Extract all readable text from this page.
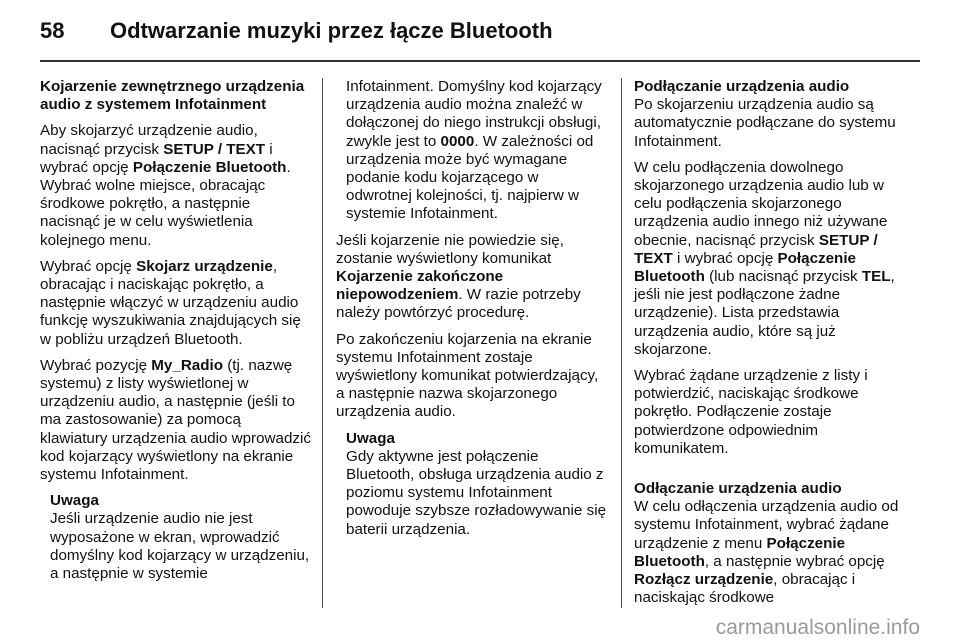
58 Odtwarzanie muzyki przez łącze Bluetooth

Kojarzenie zewnętrznego urządzenia audio z systemem Infotainment

Aby skojarzyć urządzenie audio, nacisnąć przycisk SETUP / TEXT i wybrać opcję Połączenie Bluetooth. Wybrać wolne miejsce, obracając środkowe pokrętło, a następnie nacisnąć je w celu wyświetlenia kolejnego menu.

Wybrać opcję Skojarz urządzenie, obracając i naciskając pokrętło, a następnie włączyć w urządzeniu audio funkcję wyszukiwania znajdujących się w pobliżu urządzeń Bluetooth.

Wybrać pozycję My_Radio (tj. nazwę systemu) z listy wyświetlonej w urządzeniu audio, a następnie (jeśli to ma zastosowanie) za pomocą klawiatury urządzenia audio wprowadzić kod kojarzący wyświetlony na ekranie systemu Infotainment.

Uwaga

Jeśli urządzenie audio nie jest wyposażone w ekran, wprowadzić domyślny kod kojarzący w urządzeniu, a następnie w systemie

Infotainment. Domyślny kod kojarzący urządzenia audio można znaleźć w dołączonej do niego instrukcji obsługi, zwykle jest to 0000. W zależności od urządzenia może być wymagane podanie kodu kojarzącego w odwrotnej kolejności, tj. najpierw w systemie Infotainment.

Jeśli kojarzenie nie powiedzie się, zostanie wyświetlony komunikat Kojarzenie zakończone niepowodzeniem. W razie potrzeby należy powtórzyć procedurę.

Po zakończeniu kojarzenia na ekranie systemu Infotainment zostaje wyświetlony komunikat potwierdzający, a następnie nazwa skojarzonego urządzenia audio.

Uwaga

Gdy aktywne jest połączenie Bluetooth, obsługa urządzenia audio z poziomu systemu Infotainment powoduje szybsze rozładowywanie się baterii urządzenia.

Podłączanie urządzenia audio

Po skojarzeniu urządzenia audio są automatycznie podłączane do systemu Infotainment.

W celu podłączenia dowolnego skojarzonego urządzenia audio lub w celu podłączenia skojarzonego urządzenia audio innego niż używane obecnie, nacisnąć przycisk SETUP / TEXT i wybrać opcję Połączenie Bluetooth (lub nacisnąć przycisk TEL, jeśli nie jest podłączone żadne urządzenie). Lista przedstawia urządzenia audio, które są już skojarzone.

Wybrać żądane urządzenie z listy i potwierdzić, naciskając środkowe pokrętło. Podłączenie zostaje potwierdzone odpowiednim komunikatem.

Odłączanie urządzenia audio

W celu odłączenia urządzenia audio od systemu Infotainment, wybrać żądane urządzenie z menu Połączenie Bluetooth, a następnie wybrać opcję Rozłącz urządzenie, obracając i naciskając środkowe

carmanualsonline.info
